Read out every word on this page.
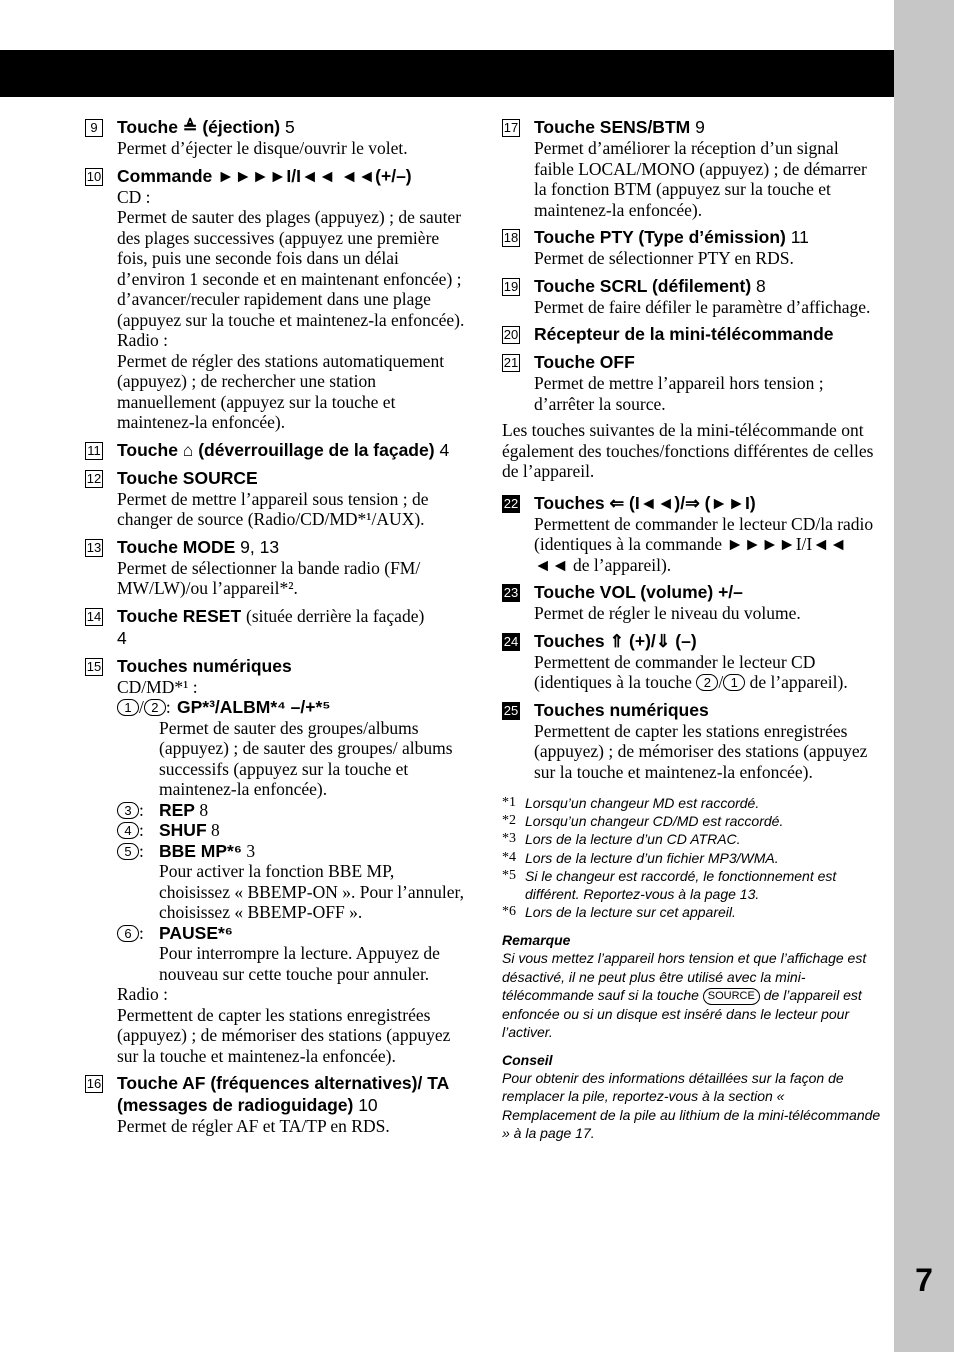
7
9	Touche ≜ (éjection) 5
Permet d’éjecter le disque/ouvrir le volet.
10 Commande ►►►►I/I◄◄ ◄◄(+/–)
CD :
Permet de sauter des plages (appuyez) ; de sauter des plages successives (appuyez une première fois, puis une seconde fois dans un délai d’environ 1 seconde et en maintenant enfoncée) ; d’avancer/reculer rapidement dans une plage (appuyez sur la touche et maintenez-la enfoncée).
Radio :
Permet de régler des stations automatiquement (appuyez) ; de rechercher une station manuellement (appuyez sur la touche et maintenez-la enfoncée).
11 Touche ⌂ (déverrouillage de la façade) 4
12 Touche SOURCE
Permet de mettre l’appareil sous tension ; de changer de source (Radio/CD/MD*¹/AUX).
13 Touche MODE 9, 13
Permet de sélectionner la bande radio (FM/ MW/LW)/ou l’appareil*².
14 Touche RESET (située derrière la façade)
4
15 Touches numériques
CD/MD*¹ :
1 / 2 : GP*³/ALBM*⁴ –/+*⁵
Permet de sauter des groupes/albums (appuyez) ; de sauter des groupes/ albums successifs (appuyez sur la touche et maintenez-la enfoncée).
3 : REP 8
4 : SHUF 8
5 : BBE MP*⁶ 3
Pour activer la fonction BBE MP, choisissez « BBEMP-ON ». Pour l’annuler, choisissez « BBEMP-OFF ».
6 : PAUSE*⁶
Pour interrompre la lecture. Appuyez de nouveau sur cette touche pour annuler.
Radio :
Permettent de capter les stations enregistrées (appuyez) ; de mémoriser des stations (appuyez sur la touche et maintenez-la enfoncée).
16 Touche AF (fréquences alternatives)/ TA (messages de radioguidage) 10
Permet de régler AF et TA/TP en RDS.
17 Touche SENS/BTM 9
Permet d’améliorer la réception d’un signal faible LOCAL/MONO (appuyez) ; de démarrer la fonction BTM (appuyez sur la touche et maintenez-la enfoncée).
18 Touche PTY (Type d’émission) 11
Permet de sélectionner PTY en RDS.
19 Touche SCRL (défilement) 8
Permet de faire défiler le paramètre d’affichage.
20 Récepteur de la mini-télécommande
21 Touche OFF
Permet de mettre l’appareil hors tension ; d’arrêter la source.
Les touches suivantes de la mini-télécommande ont également des touches/fonctions différentes de celles de l’appareil.
22 Touches ⇐ (I◄◄)/⇒ (►►I)
Permettent de commander le lecteur CD/la radio (identiques à la commande ►►►►I/I◄◄ ◄◄ de l’appareil).
23 Touche VOL (volume) +/–
Permet de régler le niveau du volume.
24 Touches ⇑ (+)/⇓ (–)
Permettent de commander le lecteur CD (identiques à la touche 2 / 1 de l’appareil).
25 Touches numériques
Permettent de capter les stations enregistrées (appuyez) ; de mémoriser des stations (appuyez sur la touche et maintenez-la enfoncée).
*1 Lorsqu’un changeur MD est raccordé.
*2 Lorsqu’un changeur CD/MD est raccordé.
*3 Lors de la lecture d’un CD ATRAC.
*4 Lors de la lecture d’un fichier MP3/WMA.
*5 Si le changeur est raccordé, le fonctionnement est différent. Reportez-vous à la page 13.
*6 Lors de la lecture sur cet appareil.
Remarque
Si vous mettez l’appareil hors tension et que l’affichage est désactivé, il ne peut plus être utilisé avec la mini-télécommande sauf si la touche SOURCE de l’appareil est enfoncée ou si un disque est inséré dans le lecteur pour l’activer.
Conseil
Pour obtenir des informations détaillées sur la façon de remplacer la pile, reportez-vous à la section « Remplacement de la pile au lithium de la mini-télécommande » à la page 17.
